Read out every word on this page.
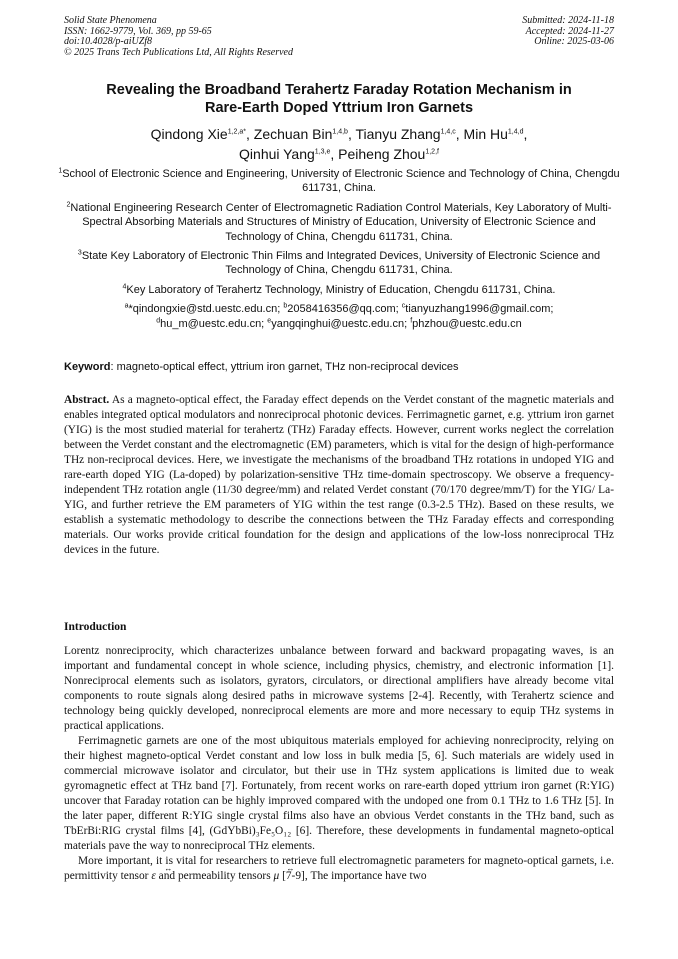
Solid State Phenomena
ISSN: 1662-9779, Vol. 369, pp 59-65
doi:10.4028/p-aiUZf8
© 2025 Trans Tech Publications Ltd, All Rights Reserved
Submitted: 2024-11-18
Accepted: 2024-11-27
Online: 2025-03-06
Revealing the Broadband Terahertz Faraday Rotation Mechanism in
Rare-Earth Doped Yttrium Iron Garnets
Qindong Xie$^{1,2,a*}$, Zechuan Bin$^{1,4,b}$, Tianyu Zhang$^{1,4,c}$, Min Hu$^{1,4,d}$,
Qinhui Yang$^{1,3,e}$, Peiheng Zhou$^{1,2,f}$

$^1$School of Electronic Science and Engineering, University of Electronic Science and Technology of China, Chengdu 611731, China.

$^2$National Engineering Research Center of Electromagnetic Radiation Control Materials, Key Laboratory of Multi-Spectral Absorbing Materials and Structures of Ministry of Education, University of Electronic Science and Technology of China, Chengdu 611731, China.

$^3$State Key Laboratory of Electronic Thin Films and Integrated Devices, University of Electronic Science and Technology of China, Chengdu 611731, China.

$^4$Key Laboratory of Terahertz Technology, Ministry of Education, Chengdu 611731, China.

$^a$*qindongxie@std.uestc.edu.cn; $^b$2058416356@qq.com; $^c$tianyuzhang1996@gmail.com;
$^d$hu_m@uestc.edu.cn; $^e$yangqinghui@uestc.edu.cn; $^f$phzhou@uestc.edu.cn

Keyword: magneto-optical effect, yttrium iron garnet, THz non-reciprocal devices

Abstract. As a magneto-optical effect, the Faraday effect depends on the Verdet constant of the magnetic materials and enables integrated optical modulators and nonreciprocal photonic devices. Ferrimagnetic garnet, e.g. yttrium iron garnet (YIG) is the most studied material for terahertz (THz) Faraday effects. However, current works neglect the correlation between the Verdet constant and the electromagnetic (EM) parameters, which is vital for the design of high-performance THz non-reciprocal devices. Here, we investigate the mechanisms of the broadband THz rotations in undoped YIG and rare-earth doped YIG (La-doped) by polarization-sensitive THz time-domain spectroscopy. We observe a frequency-independent THz rotation angle (11/30 degree/mm) and related Verdet constant (70/170 degree/mm/T) for the YIG/ La-YIG, and further retrieve the EM parameters of YIG within the test range (0.3-2.5 THz). Based on these results, we establish a systematic methodology to describe the connections between the THz Faraday effects and corresponding materials. Our works provide critical foundation for the design and applications of the low-loss nonreciprocal THz devices in the future.

Introduction

Lorentz nonreciprocity, which characterizes unbalance between forward and backward propagating waves, is an important and fundamental concept in whole science, including physics, chemistry, and electronic information [1]. Nonreciprocal elements such as isolators, gyrators, circulators, or directional amplifiers have already become vital components to route signals along desired paths in microwave systems [2-4]. Recently, with Terahertz science and technology being quickly developed, nonreciprocal elements are more and more necessary to equip THz systems in practical applications.

Ferrimagnetic garnets are one of the most ubiquitous materials employed for achieving nonreciprocity, relying on their highest magneto-optical Verdet constant and low loss in bulk media [5, 6]. Such materials are widely used in commercial microwave isolator and circulator, but their use in THz system applications is limited due to weak gyromagnetic effect at THz band [7]. Fortunately, from recent works on rare-earth doped yttrium iron garnet (R:YIG) uncover that Faraday rotation can be highly improved compared with the undoped one from 0.1 THz to 1.6 THz [5]. In the later paper, different R:YIG single crystal films also have an obvious Verdet constants in the THz band, such as TbErBi:RIG crystal films [4], (GdYbBi)₃Fe₅O₁₂ [6]. Therefore, these developments in fundamental magneto-optical materials pave the way to nonreciprocal THz elements.

More important, it is vital for researchers to retrieve full electromagnetic parameters for magneto-optical garnets, i.e. permittivity tensor ↔ ε and permeability tensors ↔ μ [7-9], The importance have two
